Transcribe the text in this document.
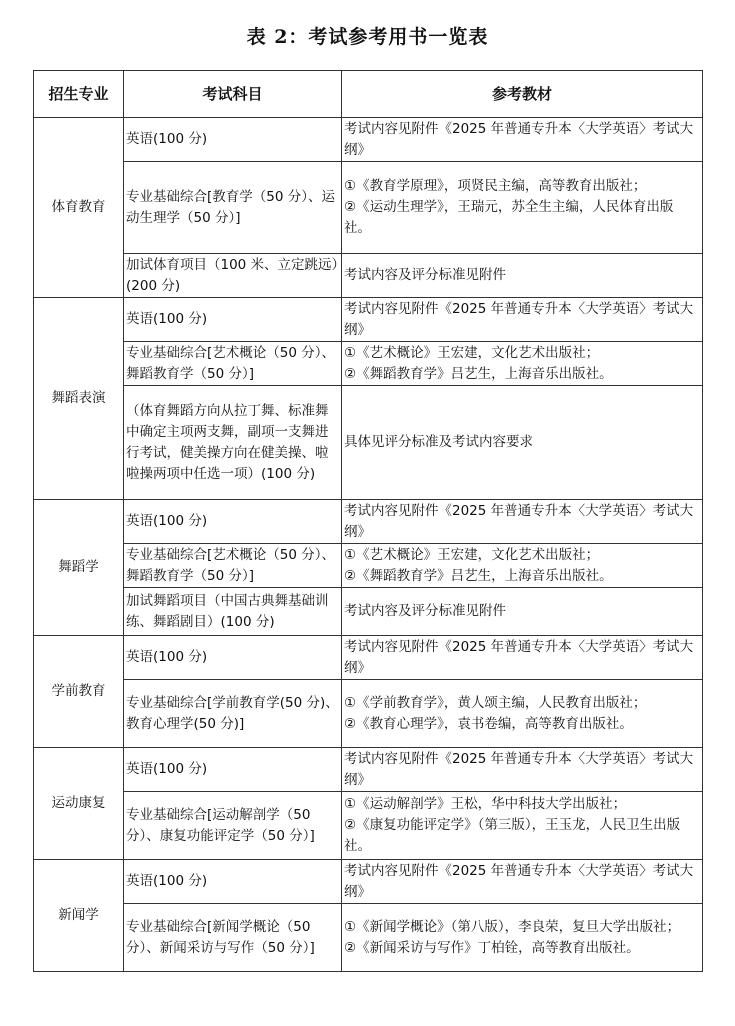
表 2：考试参考用书一览表
招生专业	考试科目	参考教材
体育教育	英语(100 分)	考试内容见附件《2025 年普通专升本〈大学英语〉考试大纲》

	专业基础综合[教育学（50 分）、运动生理学（50 分）]	①《教育学原理》，项贤民主编，高等教育出版社；
②《运动生理学》，王瑞元，苏全生主编，人民体育出版社。

	加试体育项目（100 米、立定跳远）(200 分)	考试内容及评分标准见附件

舞蹈表演	英语(100 分)	考试内容见附件《2025 年普通专升本〈大学英语〉考试大纲》

	专业基础综合[艺术概论（50 分）、舞蹈教育学（50 分）]	①《艺术概论》王宏建，文化艺术出版社；
②《舞蹈教育学》吕艺生，上海音乐出版社。

	（体育舞蹈方向从拉丁舞、标准舞中确定主项两支舞，副项一支舞进行考试，健美操方向在健美操、啦啦操两项中任选一项）(100 分)	具体见评分标准及考试内容要求

舞蹈学	英语(100 分)	考试内容见附件《2025 年普通专升本〈大学英语〉考试大纲》

	专业基础综合[艺术概论（50 分）、舞蹈教育学（50 分）]	①《艺术概论》王宏建，文化艺术出版社；
②《舞蹈教育学》吕艺生，上海音乐出版社。

	加试舞蹈项目（中国古典舞基础训练、舞蹈剧目）(100 分)	考试内容及评分标准见附件

学前教育	英语(100 分)	考试内容见附件《2025 年普通专升本〈大学英语〉考试大纲》

	专业基础综合[学前教育学(50 分)、教育心理学(50 分)]	①《学前教育学》，黄人颂主编，人民教育出版社；
②《教育心理学》，袁书卷编，高等教育出版社。

运动康复	英语(100 分)	考试内容见附件《2025 年普通专升本〈大学英语〉考试大纲》

	专业基础综合[运动解剖学（50 分）、康复功能评定学（50 分）]	①《运动解剖学》王松，华中科技大学出版社；
②《康复功能评定学》（第三版），王玉龙，人民卫生出版社。

新闻学	英语(100 分)	考试内容见附件《2025 年普通专升本〈大学英语〉考试大纲》

	专业基础综合[新闻学概论（50 分）、新闻采访与写作（50 分）]	①《新闻学概论》（第八版），李良荣，复旦大学出版社；
②《新闻采访与写作》丁柏铨，高等教育出版社。
